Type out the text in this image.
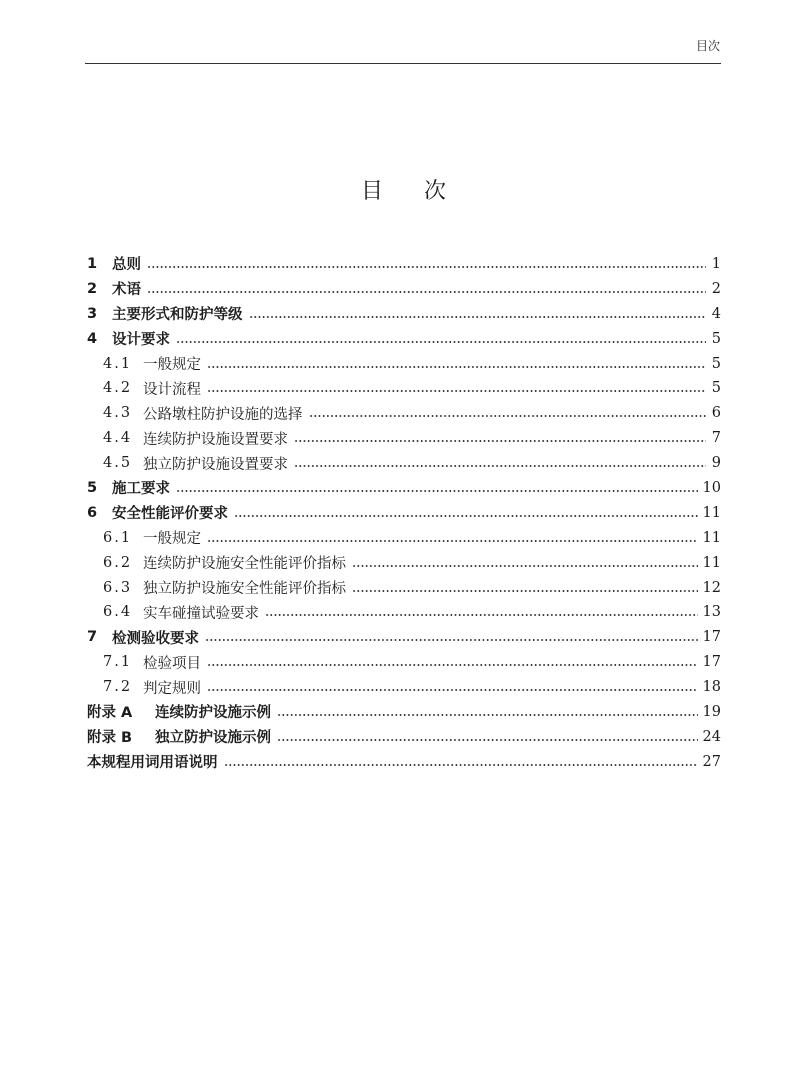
目次
目次
1	总则	1
2	术语	2
3	主要形式和防护等级	4
4	设计要求	5
4.1 一般规定	5
4.2 设计流程	5
4.3 公路墩柱防护设施的选择	6
4.4 连续防护设施设置要求	7
4.5 独立防护设施设置要求	9
5	施工要求	10
6	安全性能评价要求	11
6.1 一般规定	11
6.2 连续防护设施安全性能评价指标	11
6.3 独立防护设施安全性能评价指标	12
6.4 实车碰撞试验要求	13
7	检测验收要求	17
7.1 检验项目	17
7.2 判定规则	18
附录 A	连续防护设施示例	19
附录 B	独立防护设施示例	24
本规程用词用语说明	27
